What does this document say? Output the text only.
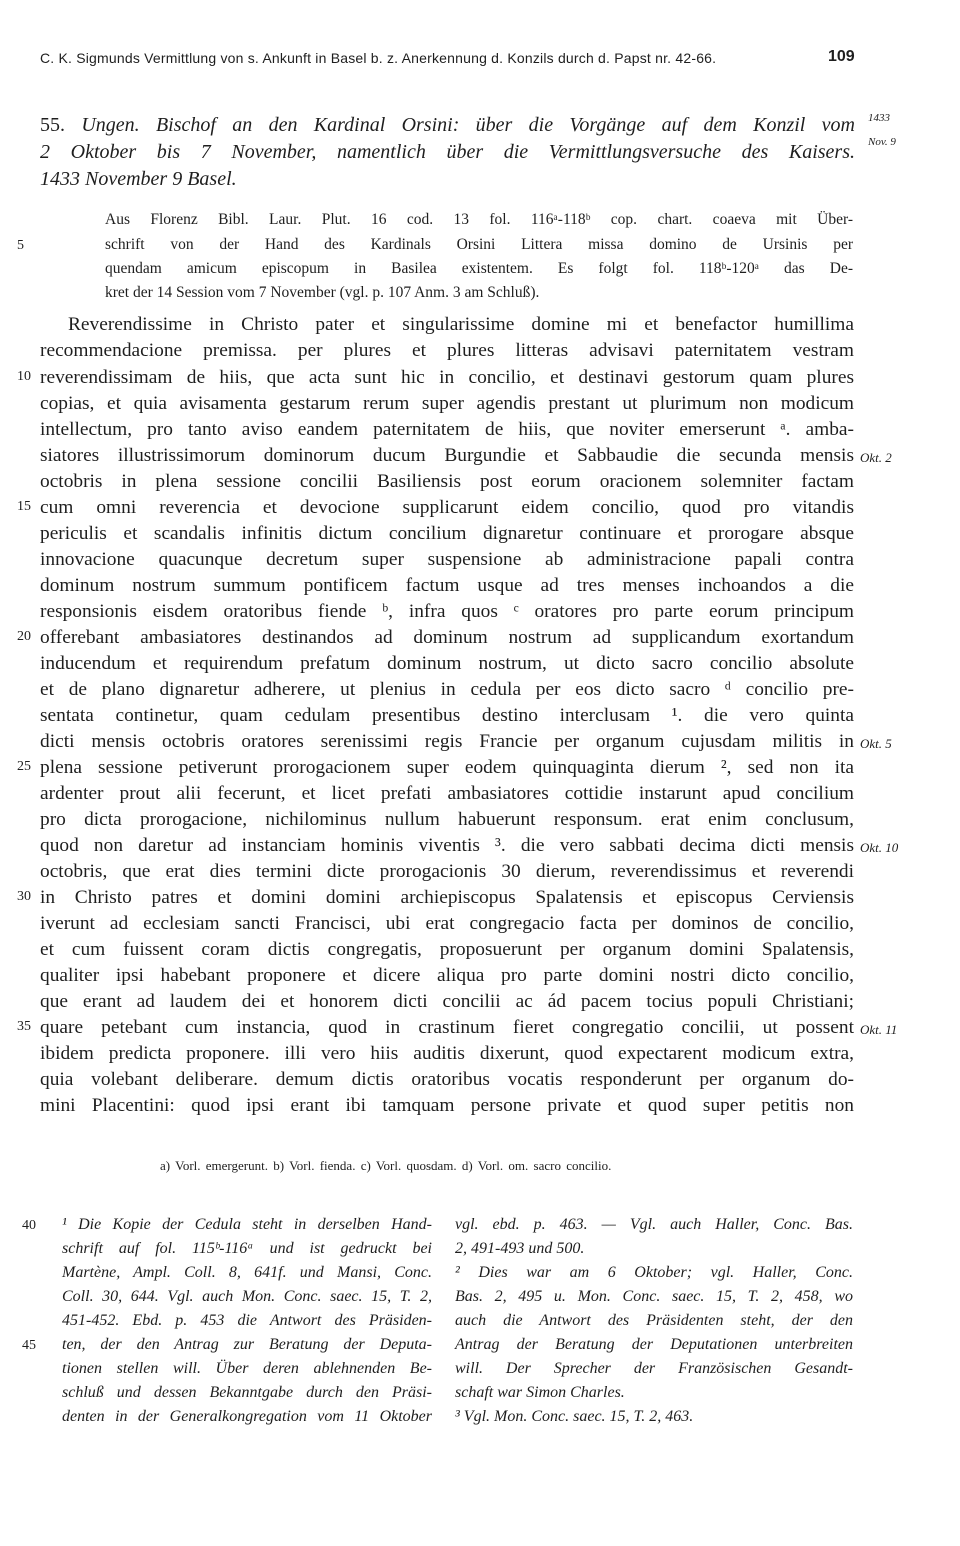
C. K. Sigmunds Vermittlung von s. Ankunft in Basel b. z. Anerkennung d. Konzils durch d. Papst nr. 42-66.	109
55. Ungen. Bischof an den Kardinal Orsini: über die Vorgänge auf dem Konzil vom
2 Oktober bis 7 November, namentlich über die Vermittlungsversuche des Kaisers.
1433 November 9 Basel.
1433
Nov. 9
Aus Florenz Bibl. Laur. Plut. 16 cod. 13 fol. 116ᵃ-118ᵇ cop. chart. coaeva mit Über-
schrift von der Hand des Kardinals Orsini Littera missa domino de Ursinis per
quendam amicum episcopum in Basilea existentem. Es folgt fol. 118ᵇ-120ᵃ das De-
kret der 14 Session vom 7 November (vgl. p. 107 Anm. 3 am Schluß).
5
Reverendissime in Christo pater et singularissime domine mi et benefactor humillima
recommendacione premissa. per plures et plures litteras advisavi paternitatem vestram
reverendissimam de hiis, que acta sunt hic in concilio, et destinavi gestorum quam plures
copias, et quia avisamenta gestarum rerum super agendis prestant ut plurimum non modicum
intellectum, pro tanto aviso eandem paternitatem de hiis, que noviter emerserunt ᵃ. amba-
siatores illustrissimorum dominorum ducum Burgundie et Sabbaudie die secunda mensis
octobris in plena sessione concilii Basiliensis post eorum oracionem solemniter factam
cum omni reverencia et devocione supplicarunt eidem concilio, quod pro vitandis
periculis et scandalis infinitis dictum concilium dignaretur continuare et prorogare absque
innovacione quacunque decretum super suspensione ab administracione papali contra
dominum nostrum summum pontificem factum usque ad tres menses inchoandos a die
responsionis eisdem oratoribus fiende ᵇ, infra quos ᶜ oratores pro parte eorum principum
offerebant ambasiatores destinandos ad dominum nostrum ad supplicandum exortandum
inducendum et requirendum prefatum dominum nostrum, ut dicto sacro concilio absolute
et de plano dignaretur adherere, ut plenius in cedula per eos dicto sacro ᵈ concilio pre-
sentata continetur, quam cedulam presentibus destino interclusam ¹. die vero quinta
dicti mensis octobris oratores serenissimi regis Francie per organum cujusdam militis in
plena sessione petiverunt prorogacionem super eodem quinquaginta dierum ², sed non ita
ardenter prout alii fecerunt, et licet prefati ambasiatores cottidie instarunt apud concilium
pro dicta prorogacione, nichilominus nullum habuerunt responsum. erat enim conclusum,
quod non daretur ad instanciam hominis viventis ³. die vero sabbati decima dicti mensis
octobris, que erat dies termini dicte prorogacionis 30 dierum, reverendissimus et reverendi
in Christo patres et domini domini archiepiscopus Spalatensis et episcopus Cerviensis
iverunt ad ecclesiam sancti Francisci, ubi erat congregacio facta per dominos de concilio,
et cum fuissent coram dictis congregatis, proposuerunt per organum domini Spalatensis,
qualiter ipsi habebant proponere et dicere aliqua pro parte domini nostri dicto concilio,
que erant ad laudem dei et honorem dicti concilii ac ád pacem tocius populi Christiani;
quare petebant cum instancia, quod in crastinum fieret congregatio concilii, ut possent
ibidem predicta proponere. illi vero hiis auditis dixerunt, quod expectarent modicum extra,
quia volebant deliberare. demum dictis oratoribus vocatis responderunt per organum do-
mini Placentini: quod ipsi erant ibi tamquam persone private et quod super petitis non
10
15
20
25
30
35
Okt. 2
Okt. 5
Okt. 10
Okt. 11
a) Vorl. emergerunt. b) Vorl. fienda. c) Vorl. quosdam. d) Vorl. om. sacro concilio.
¹ Die Kopie der Cedula steht in derselben Hand-
schrift auf fol. 115ᵇ-116ᵃ und ist gedruckt bei
Martène, Ampl. Coll. 8, 641f. und Mansi, Conc.
Coll. 30, 644. Vgl. auch Mon. Conc. saec. 15, T. 2,
451-452. Ebd. p. 453 die Antwort des Präsiden-
ten, der den Antrag zur Beratung der Deputa-
tionen stellen will. Über deren ablehnenden Be-
schluß und dessen Bekanntgabe durch den Präsi-
denten in der Generalkongregation vom 11 Oktober
40
45
vgl. ebd. p. 463. — Vgl. auch Haller, Conc. Bas.
2, 491-493 und 500.
² Dies war am 6 Oktober; vgl. Haller, Conc.
Bas. 2, 495 u. Mon. Conc. saec. 15, T. 2, 458, wo
auch die Antwort des Präsidenten steht, der den
Antrag der Beratung der Deputationen unterbreiten
will. Der Sprecher der Französischen Gesandt-
schaft war Simon Charles.
³ Vgl. Mon. Conc. saec. 15, T. 2, 463.
